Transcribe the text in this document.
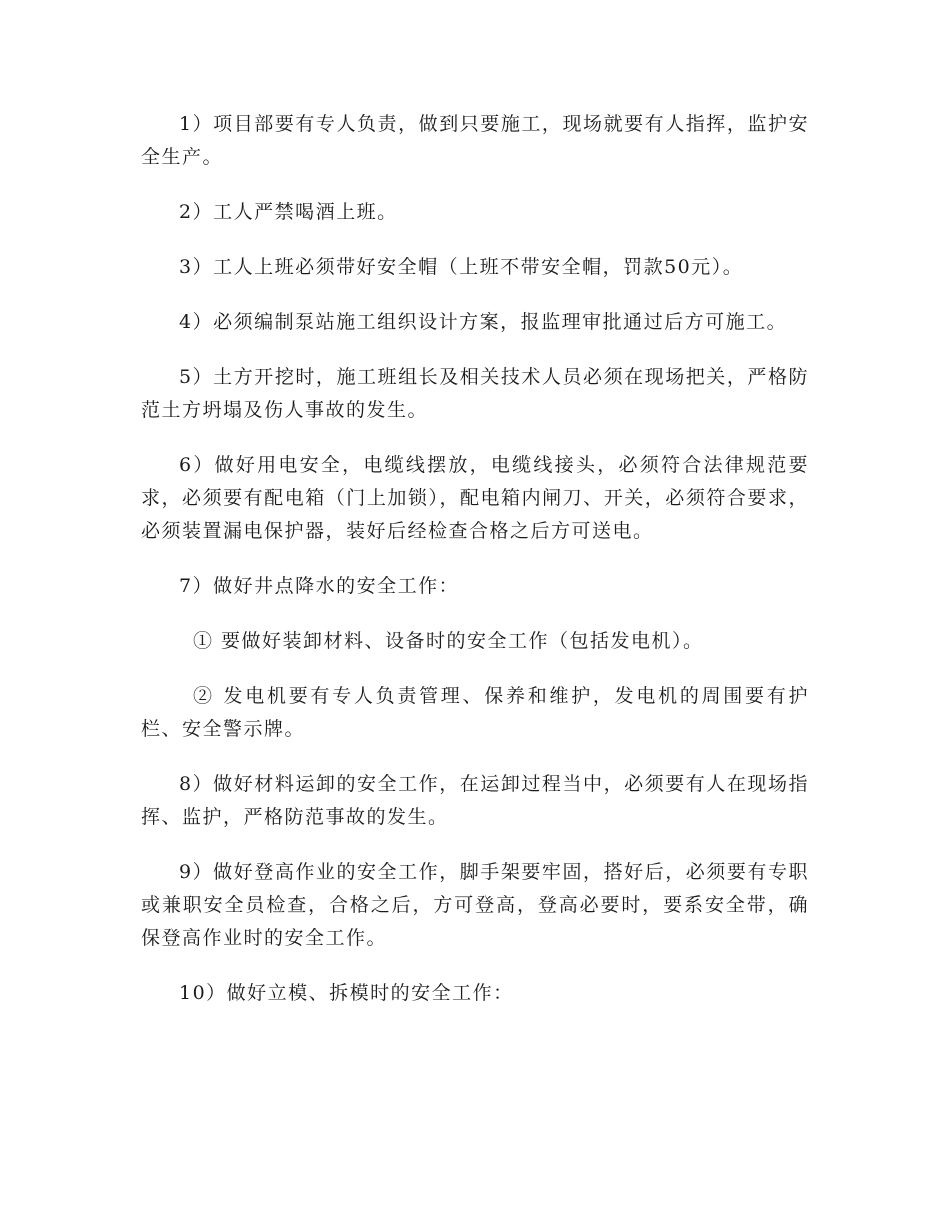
1）项目部要有专人负责，做到只要施工，现场就要有人指挥，监护安全生产。

2）工人严禁喝酒上班。

3）工人上班必须带好安全帽（上班不带安全帽，罚款50元）。

4）必须编制泵站施工组织设计方案，报监理审批通过后方可施工。

5）土方开挖时，施工班组长及相关技术人员必须在现场把关，严格防范土方坍塌及伤人事故的发生。

6）做好用电安全，电缆线摆放，电缆线接头，必须符合法律规范要求，必须要有配电箱（门上加锁），配电箱内闸刀、开关，必须符合要求，必须装置漏电保护器，装好后经检查合格之后方可送电。

7）做好井点降水的安全工作：

① 要做好装卸材料、设备时的安全工作（包括发电机）。

② 发电机要有专人负责管理、保养和维护，发电机的周围要有护栏、安全警示牌。

8）做好材料运卸的安全工作，在运卸过程当中，必须要有人在现场指挥、监护，严格防范事故的发生。

9）做好登高作业的安全工作，脚手架要牢固，搭好后，必须要有专职或兼职安全员检查，合格之后，方可登高，登高必要时，要系安全带，确保登高作业时的安全工作。

10）做好立模、拆模时的安全工作：
